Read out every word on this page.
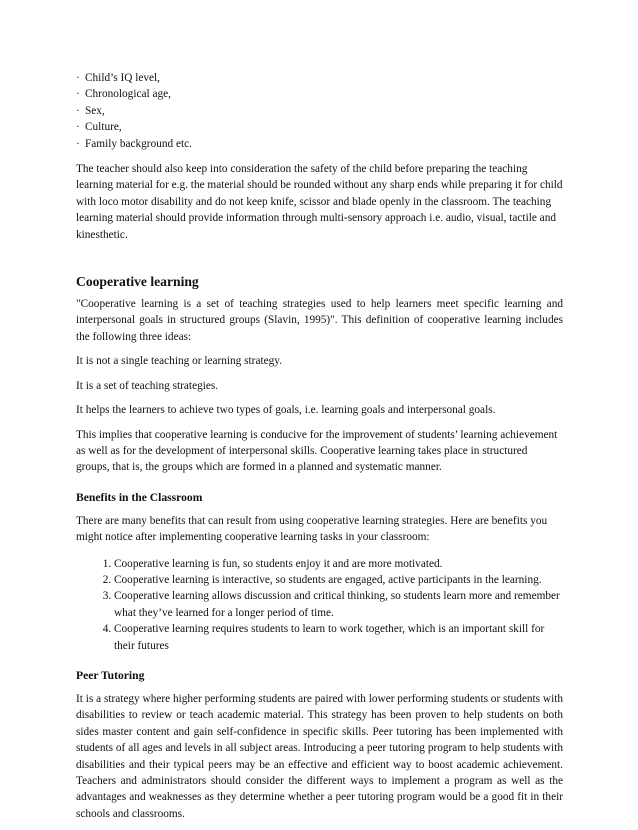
· Child’s IQ level,
· Chronological age,
· Sex,
· Culture,
· Family background etc.

The teacher should also keep into consideration the safety of the child before preparing the teaching learning material for e.g. the material should be rounded without any sharp ends while preparing it for child with loco motor disability and do not keep knife, scissor and blade openly in the classroom. The teaching learning material should provide information through multi-sensory approach i.e. audio, visual, tactile and kinesthetic.

Cooperative learning

"Cooperative learning is a set of teaching strategies used to help learners meet specific learning and interpersonal goals in structured groups (Slavin, 1995)". This definition of cooperative learning includes the following three ideas:

It is not a single teaching or learning strategy.

It is a set of teaching strategies.

It helps the learners to achieve two types of goals, i.e. learning goals and interpersonal goals.

This implies that cooperative learning is conducive for the improvement of students’ learning achievement as well as for the development of interpersonal skills. Cooperative learning takes place in structured groups, that is, the groups which are formed in a planned and systematic manner.

Benefits in the Classroom

There are many benefits that can result from using cooperative learning strategies. Here are benefits you might notice after implementing cooperative learning tasks in your classroom:

1. Cooperative learning is fun, so students enjoy it and are more motivated.
2. Cooperative learning is interactive, so students are engaged, active participants in the learning.
3. Cooperative learning allows discussion and critical thinking, so students learn more and remember what they’ve learned for a longer period of time.
4. Cooperative learning requires students to learn to work together, which is an important skill for their futures
Peer Tutoring

It is a strategy where higher performing students are paired with lower performing students or students with disabilities to review or teach academic material. This strategy has been proven to help students on both sides master content and gain self-confidence in specific skills. Peer tutoring has been implemented with students of all ages and levels in all subject areas. Introducing a peer tutoring program to help students with disabilities and their typical peers may be an effective and efficient way to boost academic achievement. Teachers and administrators should consider the different ways to implement a program as well as the advantages and weaknesses as they determine whether a peer tutoring program would be a good fit in their schools and classrooms.
